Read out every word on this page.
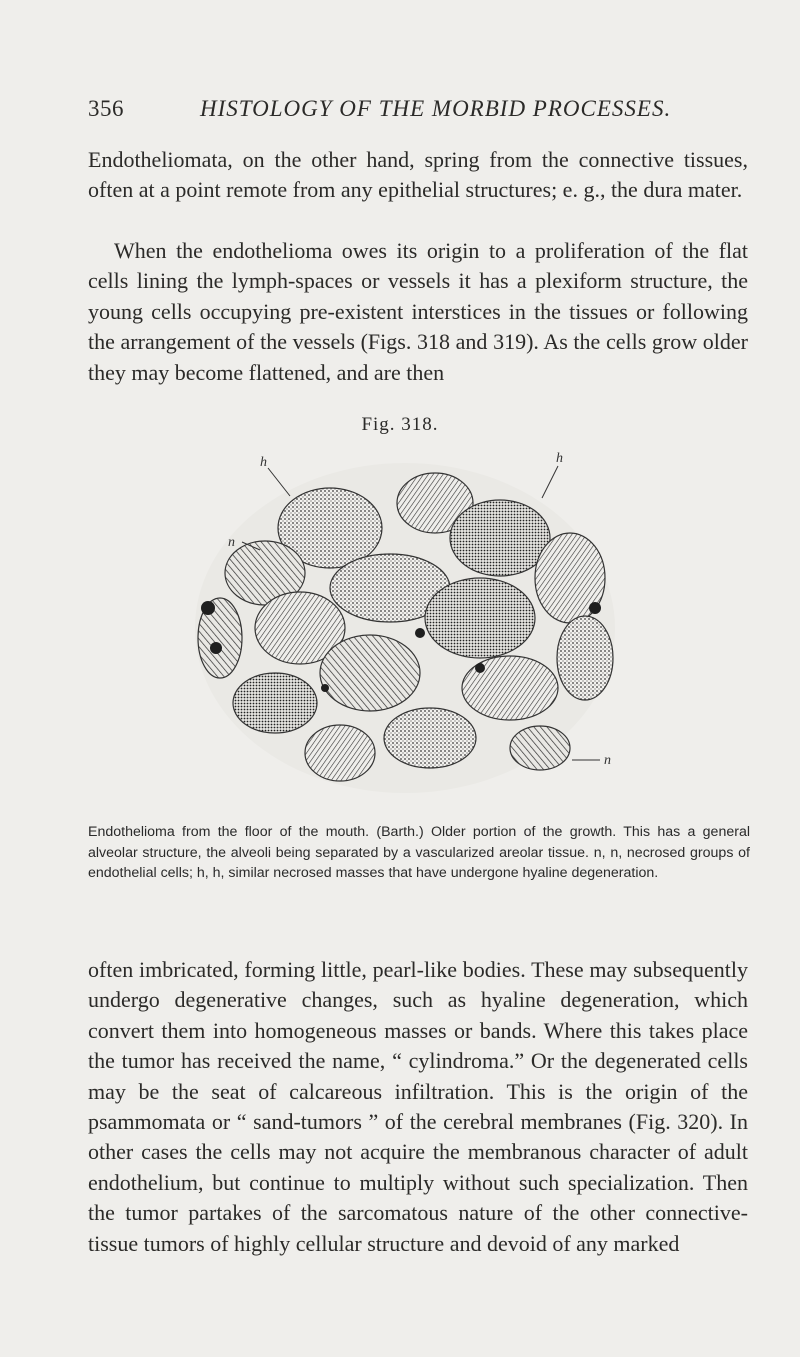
356	HISTOLOGY OF THE MORBID PROCESSES.

Endotheliomata, on the other hand, spring from the connective tissues, often at a point remote from any epithelial structures; e. g., the dura mater.

When the endothelioma owes its origin to a proliferation of the flat cells lining the lymph-spaces or vessels it has a plexiform structure, the young cells occupying pre-existent interstices in the tissues or following the arrangement of the vessels (Figs. 318 and 319). As the cells grow older they may become flattened, and are then

Fig. 318.
h	h
n
n

Endothelioma from the floor of the mouth. (Barth.) Older portion of the growth. This has a general alveolar structure, the alveoli being separated by a vascularized areolar tissue. n, n, necrosed groups of endothelial cells; h, h, similar necrosed masses that have undergone hyaline degeneration.

often imbricated, forming little, pearl-like bodies. These may subsequently undergo degenerative changes, such as hyaline degeneration, which convert them into homogeneous masses or bands. Where this takes place the tumor has received the name, “ cylindroma.” Or the degenerated cells may be the seat of calcareous infiltration. This is the origin of the psammomata or “ sand-tumors ” of the cerebral membranes (Fig. 320). In other cases the cells may not acquire the membranous character of adult endothelium, but continue to multiply without such specialization. Then the tumor partakes of the sarcomatous nature of the other connective-tissue tumors of highly cellular structure and devoid of any marked
